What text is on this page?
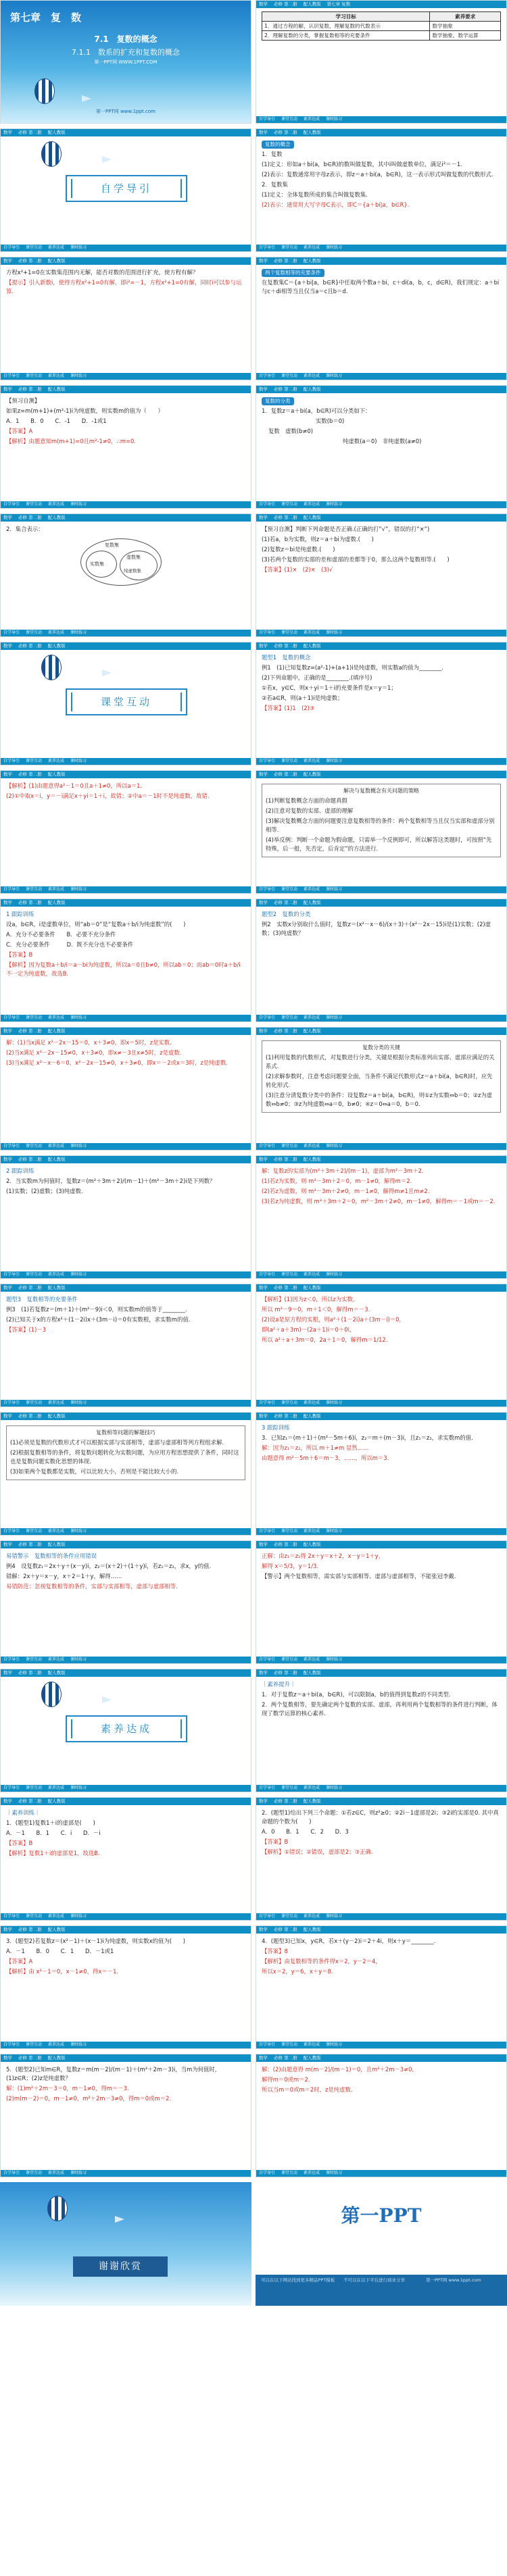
第七章　复　数
7.1　复数的概念
7.1.1　数系的扩充和复数的概念
第一PPT网 WWW.1PPT.COM
第一PPT网 www.1ppt.com
数学 必修 第二册 配人教版 第七章 复数
学习目标	素养要求
1．通过方程的解，认识复数，理解复数的代数表示	数学抽象
2．理解复数的分类，掌握复数相等的充要条件	数学抽象、数学运算
自学导引 课堂互动 素养达成 课时练习
数学 必修 第二册 配人教版
自学导引
自学导引 课堂互动 素养达成 课时练习
数学 必修 第二册 配人教版

复数的概念

1．复数

(1)定义：形如a＋bi(a，b∈R)的数叫做复数，其中i叫做虚数单位，满足i²＝－1.

(2)表示：复数通常用字母z表示，即z＝a＋bi(a，b∈R)，这一表示形式叫做复数的代数形式.

2．复数集

(1)定义：全体复数所成的集合叫做复数集.

(2)表示：通常用大写字母C表示，即C＝{a＋bi|a，b∈R}.

自学导引 课堂互动 素养达成 课时练习
数学 必修 第二册 配人教版

方程x²+1=0在实数集范围内无解，能否对数的范围进行扩充，使方程有解？

【提示】引入新数i，使得方程x²+1=0有解，即i²=－1，方程x²+1=0有解，同时i可以参与运算.

自学导引 课堂互动 素养达成 课时练习
数学 必修 第二册 配人教版

两个复数相等的充要条件

在复数集C＝{a＋bi|a，b∈R}中任取两个数a＋bi，c＋di(a，b，c，d∈R)，我们规定：a＋bi与c＋di相等当且仅当a＝c且b＝d.

自学导引 课堂互动 素养达成 课时练习
数学 必修 第二册 配人教版

【预习自测】

如果z=m(m+1)+(m²-1)i为纯虚数，则实数m的值为（　　）

A．1　　B．0　　C．-1　　D．-1或1

【答案】A

【解析】由题意知m(m+1)=0且m²-1≠0，∴m=0.

自学导引 课堂互动 素养达成 课时练习
数学 必修 第二册 配人教版

复数的分类

1．复数z＝a＋bi(a，b∈R)可以分类如下：

实数(b＝0)

复数　虚数(b≠0)

纯虚数(a＝0)　非纯虚数(a≠0)

自学导引 课堂互动 素养达成 课时练习
数学 必修 第二册 配人教版

2．集合表示：

复数集
实数集
虚数集
纯虚数集
自学导引 课堂互动 素养达成 课时练习
数学 必修 第二册 配人教版

【预习自测】判断下列命题是否正确.(正确的打“√”，错误的打“×”)

(1)若a，b为实数，则z＝a＋bi为虚数.(　　)

(2)复数z＝bi是纯虚数.(　　)

(3)若两个复数的实部的差和虚部的差都等于0，那么这两个复数相等.(　　)

【答案】(1)×　(2)×　(3)√

自学导引 课堂互动 素养达成 课时练习
数学 必修 第二册 配人教版
课堂互动
自学导引 课堂互动 素养达成 课时练习
数学 必修 第二册 配人教版

题型1　复数的概念

例1　(1)已知复数z=(a²-1)+(a+1)i是纯虚数，则实数a的值为________.

(2)下列命题中，正确的是________.(填序号)

①若x，y∈C，则x＋yi＝1＋i的充要条件是x＝y＝1；

②若a∈R，则(a＋1)i是纯虚数；

【答案】(1)1　(2)③

自学导引 课堂互动 素养达成 课时练习
数学 必修 第二册 配人教版

【解析】(1)由题意得a²－1＝0且a＋1≠0，所以a＝1.

(2)①中取x＝i，y＝－i满足x＋yi＝1＋i，故错；②中a＝－1时不是纯虚数，故错.

自学导引 课堂互动 素养达成 课时练习
数学 必修 第二册 配人教版
解决与复数概念有关问题的策略

(1)判断复数概念方面的命题真假

(2)注意对复数的实部、虚部的理解

(3)解决复数概念方面的问题要注意复数相等的条件：两个复数相等当且仅当实部和虚部分别相等.

(4)举反例：判断一个命题为假命题，只需举一个反例即可，所以解答这类题时，可按照“先特殊，后一般，先否定，后肯定”的方法进行.

自学导引 课堂互动 素养达成 课时练习
数学 必修 第二册 配人教版

1 跟踪训练

设a，b∈R，i是虚数单位，则“ab＝0”是“复数a＋b/i为纯虚数”的(　　)

A．充分不必要条件　　B．必要不充分条件

C．充分必要条件　　　D．既不充分也不必要条件

【答案】B

【解析】因为复数a＋b/i＝a－bi为纯虚数，所以a＝0且b≠0，所以ab＝0；而ab＝0时a＋b/i不一定为纯虚数，故选B.

自学导引 课堂互动 素养达成 课时练习
数学 必修 第二册 配人教版

题型2　复数的分类

例2　实数x分别取什么值时，复数z＝(x²－x－6)/(x＋3)＋(x²－2x－15)i是(1)实数；(2)虚数；(3)纯虚数？

自学导引 课堂互动 素养达成 课时练习
数学 必修 第二册 配人教版

解：(1)当x满足 x²－2x－15＝0，x＋3≠0，即x＝5时，z是实数.

(2)当x满足 x²－2x－15≠0，x＋3≠0，即x≠－3且x≠5时，z是虚数.

(3)当x满足 x²－x－6＝0，x²－2x－15≠0，x＋3≠0，即x＝－2或x＝3时，z是纯虚数.

自学导引 课堂互动 素养达成 课时练习
数学 必修 第二册 配人教版
复数分类的关键

(1)利用复数的代数形式，对复数进行分类，关键是根据分类标准列出实部、虚部应满足的关系式.

(2)求解参数时，注意考虑问题要全面，当条件不满足代数形式z＝a＋bi(a，b∈R)时，应先转化形式.

(3)注意分清复数分类中的条件：设复数z＝a＋bi(a，b∈R)，则①z为实数⇔b＝0；②z为虚数⇔b≠0；③z为纯虚数⇔a＝0，b≠0；④z＝0⇔a＝0，b＝0.

自学导引 课堂互动 素养达成 课时练习
数学 必修 第二册 配人教版

2 跟踪训练

2．当实数m为何值时，复数z＝(m²＋3m＋2)/(m－1)＋(m²－3m＋2)i是下列数？

(1)实数；(2)虚数；(3)纯虚数.

自学导引 课堂互动 素养达成 课时练习
数学 必修 第二册 配人教版

解：复数z的实部为(m²＋3m＋2)/(m－1)，虚部为m²－3m＋2.

(1)若z为实数，则 m²－3m＋2＝0，m－1≠0，解得m＝2.

(2)若z为虚数，则 m²－3m＋2≠0，m－1≠0，解得m≠1且m≠2.

(3)若z为纯虚数，则 m²＋3m＋2＝0，m²－3m＋2≠0，m－1≠0，解得m＝－1或m＝－2.

自学导引 课堂互动 素养达成 课时练习
数学 必修 第二册 配人教版

题型3　复数相等的充要条件

例3　(1)若复数z＝(m＋1)＋(m²－9)i＜0，则实数m的值等于________.

(2)已知关于x的方程x²＋(1－2i)x＋(3m－i)＝0有实数根，求实数m的值.

【答案】(1)－3

自学导引 课堂互动 素养达成 课时练习
数学 必修 第二册 配人教版

【解析】(1)因为z＜0，所以z为实数，

所以 m²－9＝0，m＋1＜0，解得m＝－3.

(2)设a是原方程的实根，则a²＋(1－2i)a＋(3m－i)＝0，

即(a²＋a＋3m)－(2a＋1)i＝0＋0i，

所以 a²＋a＋3m＝0，2a＋1＝0，解得m＝1/12.

自学导引 课堂互动 素养达成 课时练习
数学 必修 第二册 配人教版
复数相等问题的解题技巧

(1)必须是复数的代数形式才可以根据实部与实部相等，虚部与虚部相等列方程组求解.

(2)根据复数相等的条件，将复数问题转化为实数问题，为应用方程思想提供了条件，同时这也是复数问题实数化思想的体现.

(3)如果两个复数都是实数，可以比较大小，否则是不能比较大小的.

自学导引 课堂互动 素养达成 课时练习
数学 必修 第二册 配人教版

3 跟踪训练

3．已知z₁＝(m＋1)＋(m²－5m＋6)i，z₂＝m＋(m－3)i，且z₁＝z₂，求实数m的值.

解：因为z₁＝z₂，所以 m＋1≠m 显然……

由题意得 m²－5m＋6＝m－3，……，所以m＝3.

自学导引 课堂互动 素养达成 课时练习
数学 必修 第二册 配人教版

易错警示　复数相等的条件应用错误

例4　设复数z₁＝2x＋y＋(x－y)i，z₂＝(x＋2)＋(1＋y)i，若z₁＝z₂，求x，y的值.

错解：2x＋y＝x－y，x＋2＝1＋y，解得……

易错防范：忽视复数相等的条件，实部与实部相等，虚部与虚部相等.

自学导引 课堂互动 素养达成 课时练习
数学 必修 第二册 配人教版

正解：由z₁＝z₂得 2x＋y＝x＋2，x－y＝1＋y，

解得 x＝5/3，y＝1/3.

【警示】两个复数相等，需实部与实部相等、虚部与虚部相等，不能张冠李戴.

自学导引 课堂互动 素养达成 课时练习
数学 必修 第二册 配人教版
素养达成
自学导引 课堂互动 素养达成 课时练习
数学 必修 第二册 配人教版

｜素养提升｜

1．对于复数z＝a＋bi(a，b∈R)，可以限制a，b的值得到复数z的不同类型.

2．两个复数相等，要先确定两个复数的实部、虚部，再利用两个复数相等的条件进行判断，体现了数学运算的核心素养.

自学导引 课堂互动 素养达成 课时练习
数学 必修 第二册 配人教版

｜素养训练｜

1．(题型1)复数1＋i的虚部是(　　)

A．－1　　B．1　　C．i　　D．－i

【答案】B

【解析】复数1＋i的虚部是1，故选B.

自学导引 课堂互动 素养达成 课时练习
数学 必修 第二册 配人教版

2．(题型1)给出下列三个命题：①若z∈C，则z²≥0；②2i－1虚部是2i；③2i的实部是0. 其中真命题的个数为(　　)

A．0　　B．1　　C．2　　D．3

【答案】B

【解析】①错误；②错误，虚部是2；③正确.

自学导引 课堂互动 素养达成 课时练习
数学 必修 第二册 配人教版

3．(题型2)若复数z＝(x²－1)＋(x－1)i为纯虚数，则实数x的值为(　　)

A．－1　　B．0　　C．1　　D．－1或1

【答案】A

【解析】由 x²－1＝0，x－1≠0，得x＝－1.

自学导引 课堂互动 素养达成 课时练习
数学 必修 第二册 配人教版

4．(题型3)已知x，y∈R，若x＋(y－2)i＝2＋4i，则x＋y＝________.

【答案】8

【解析】由复数相等的条件得x＝2，y－2＝4，

所以x＝2，y＝6，x＋y＝8.

自学导引 课堂互动 素养达成 课时练习
数学 必修 第二册 配人教版

5．(题型2)已知m∈R，复数z＝m(m－2)/(m－1)＋(m²＋2m－3)i，当m为何值时，(1)z∈R；(2)z是纯虚数？

解：(1)m²＋2m－3＝0，m－1≠0，得m＝－3.

(2)m(m－2)＝0，m－1≠0，m²＋2m－3≠0，得m＝0或m＝2.

自学导引 课堂互动 素养达成 课时练习
数学 必修 第二册 配人教版

解：(2)由题意得 m(m－2)/(m－1)＝0，且m²＋2m－3≠0，

解得m＝0或m＝2.

所以当m＝0或m＝2时，z是纯虚数.

自学导引 课堂互动 素养达成 课时练习
谢谢欣赏
第一PPT
可以在以下网站找到更多精品PPT模板 不可以在以下平台进行商业分享	第一PPT网 www.1ppt.com
